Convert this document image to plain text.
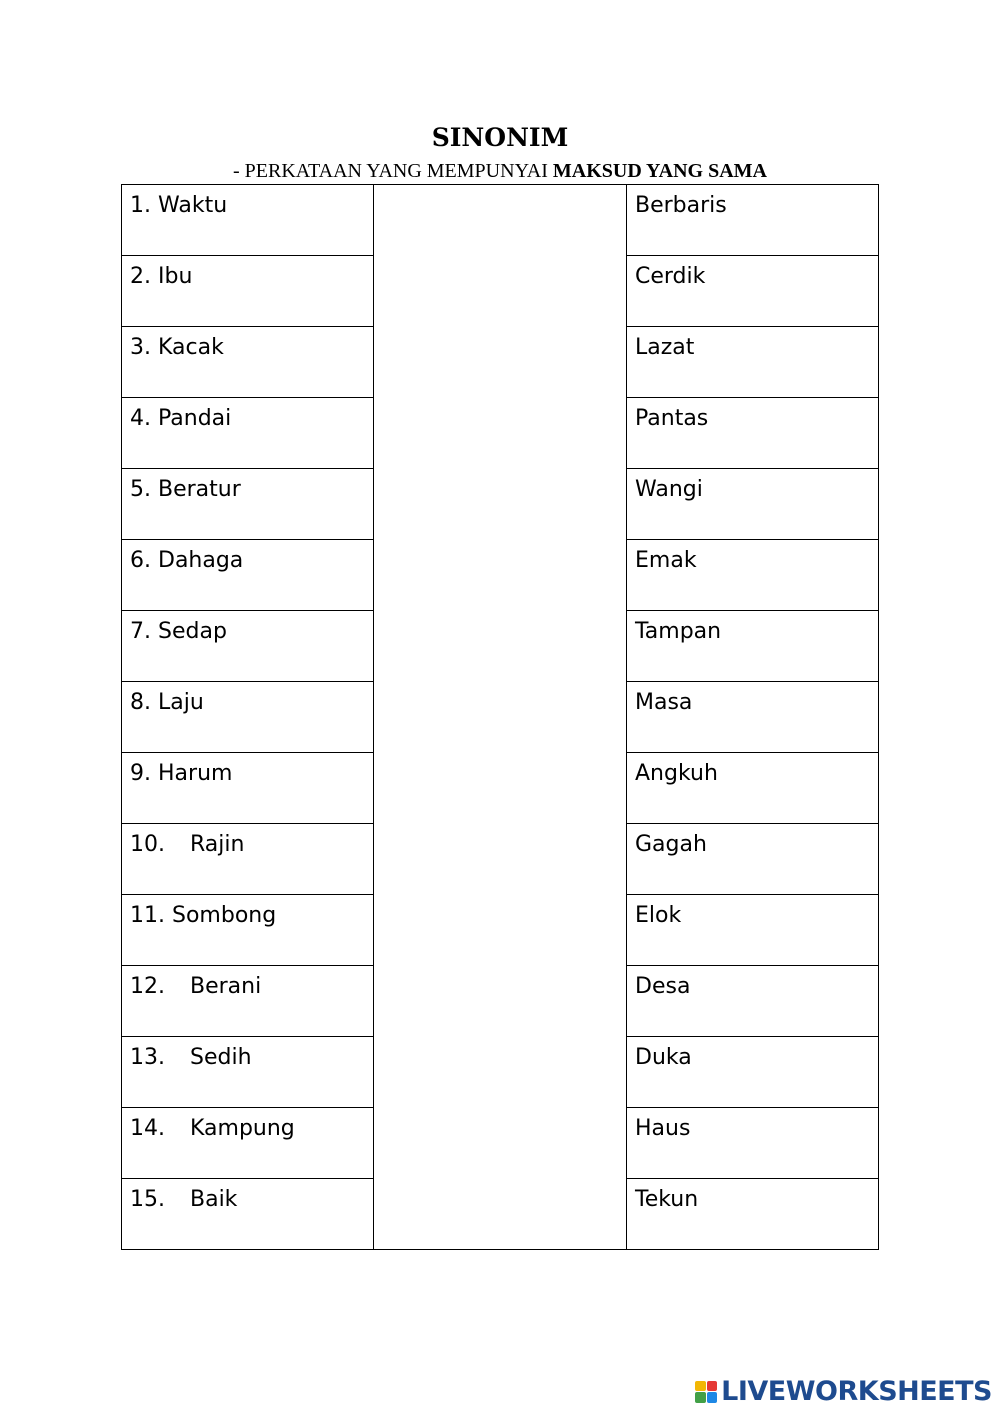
SINONIM
- PERKATAAN YANG MEMPUNYAI MAKSUD YANG SAMA
1. Waktu		Berbaris

2. Ibu		Cerdik

3. Kacak		Lazat

4. Pandai		Pantas

5. Beratur		Wangi

6. Dahaga		Emak

7. Sedap		Tampan

8. Laju		Masa

9. Harum		Angkuh

10. Rajin		Gagah

11. Sombong		Elok

12. Berani		Desa

13. Sedih		Duka

14. Kampung		Haus

15. Baik		Tekun
LIVEWORKSHEETS
